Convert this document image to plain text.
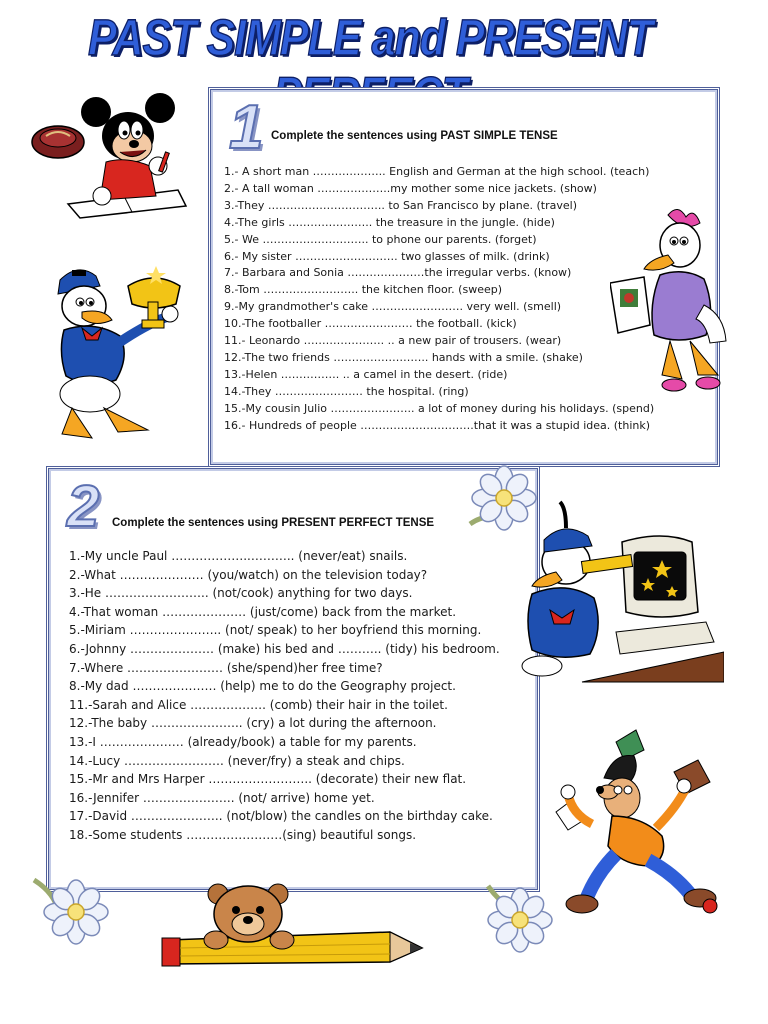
PAST SIMPLE and PRESENT
1 Complete the sentences using PAST SIMPLE TENSE
1.- A short man ……………….. English and German at the high school. (teach)
2.- A tall woman ………………..my mother some nice jackets. (show)
3.-They ………………………….. to San Francisco by plane. (travel)
4.-The girls ………………….. the treasure in the jungle. (hide)
5.- We ……………………….. to phone our parents. (forget)
6.- My sister ………………………. two glasses of milk. (drink)
7.- Barbara and Sonia …………………the irregular verbs. (know)
8.-Tom …………………….. the kitchen floor. (sweep)
9.-My grandmother's cake ……………………. very well. (smell)
10.-The footballer …………………… the football. (kick)
11.- Leonardo …………………. .. a new pair of trousers. (wear)
12.-The two friends …………………….. hands with a smile. (shake)
13.-Helen ……………. .. a camel in the desert. (ride)
14.-They …………………… the hospital. (ring)
15.-My cousin Julio ………………….. a lot of money during his holidays. (spend)
16.- Hundreds of people ………………………….that it was a stupid idea. (think)
2 Complete the sentences using PRESENT PERFECT TENSE
1.-My uncle Paul ………………..……….. (never/eat) snails.
2.-What ………………… (you/watch) on the television today?
3.-He …………………….. (not/cook) anything for two days.
4.-That woman ………………… (just/come) back from the market.
5.-Miriam ………………….. (not/ speak) to her boyfriend this morning.
6.-Johnny ………………… (make) his bed and ……….. (tidy) his bedroom.
7.-Where …………………… (she/spend)her free time?
8.-My dad ………………… (help) me to do the Geography project.
11.-Sarah and Alice ………………. (comb) their hair in the toilet.
12.-The baby ………………….. (cry) a lot during the afternoon.
13.-I ………………… (already/book) a table for my parents.
14.-Lucy ……………………. (never/fry) a steak and chips.
15.-Mr and Mrs Harper …………………….. (decorate) their new flat.
16.-Jennifer ………………….. (not/ arrive) home yet.
17.-David ………………….. (not/blow) the candles on the birthday cake.
18.-Some students ……………………(sing) beautiful songs.
